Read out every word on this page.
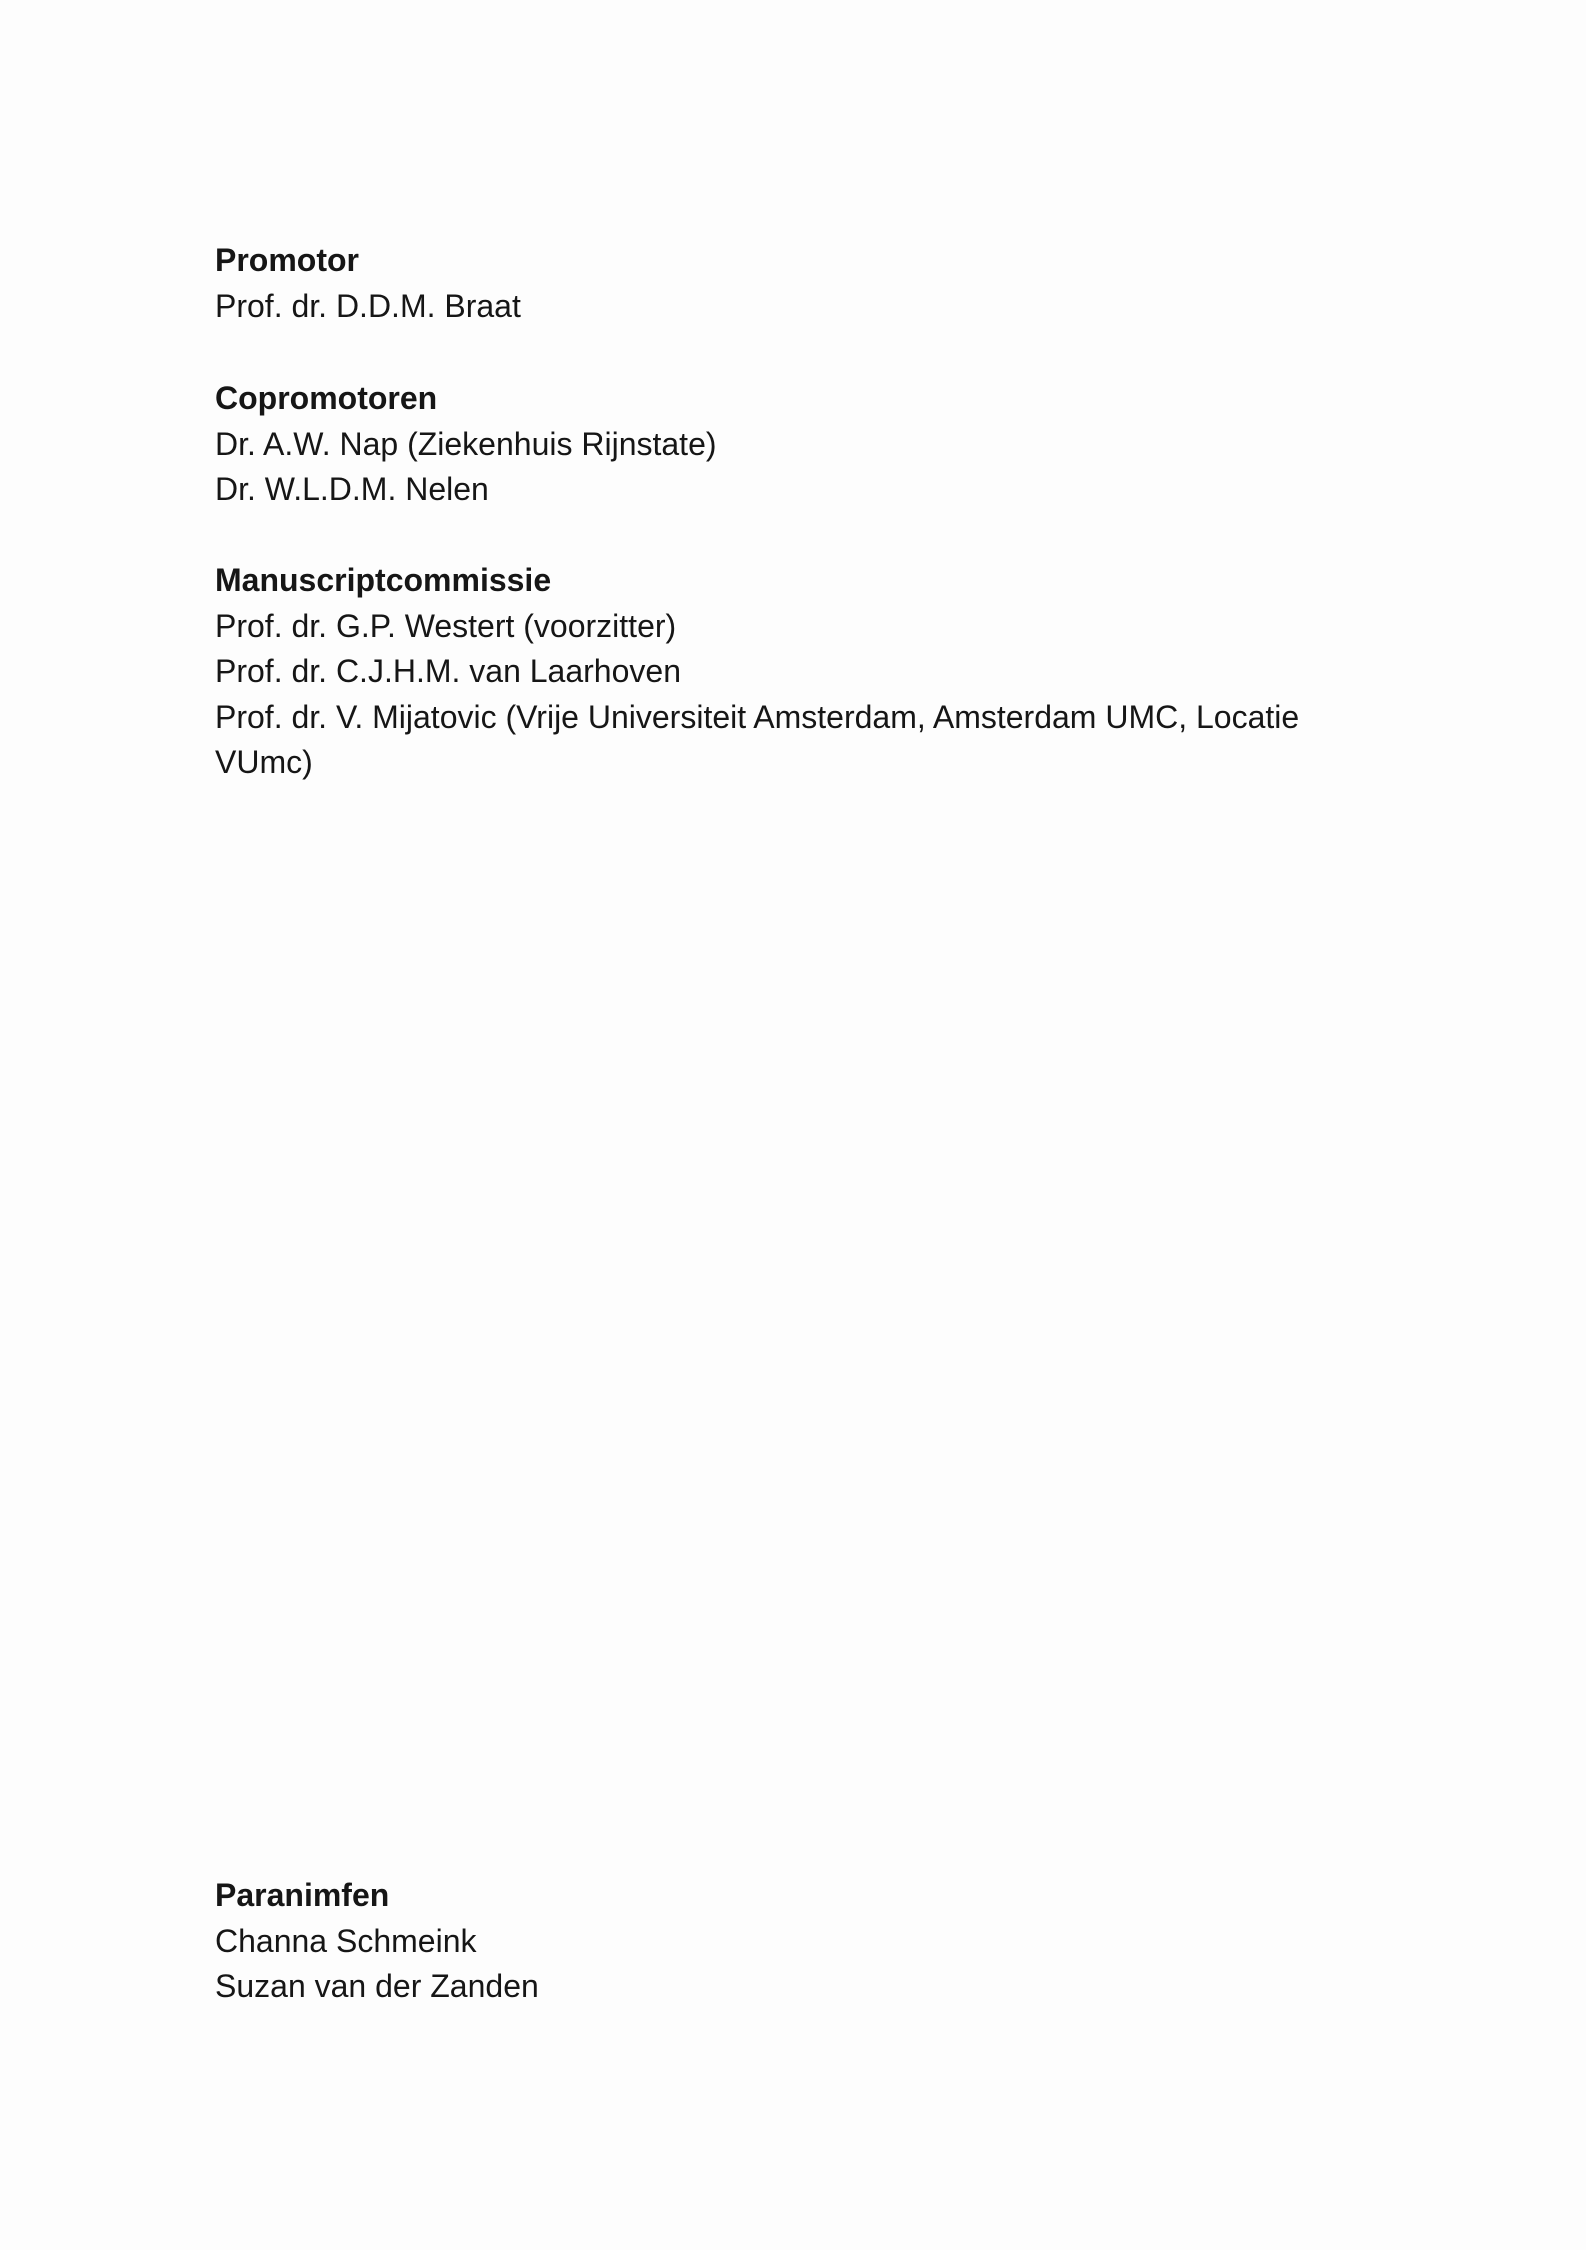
Promotor

Prof. dr. D.D.M. Braat

Copromotoren

Dr. A.W. Nap (Ziekenhuis Rijnstate)

Dr. W.L.D.M. Nelen

Manuscriptcommissie

Prof. dr. G.P. Westert (voorzitter)

Prof. dr. C.J.H.M. van Laarhoven

Prof. dr. V. Mijatovic (Vrije Universiteit Amsterdam, Amsterdam UMC, Locatie VUmc)

Paranimfen

Channa Schmeink

Suzan van der Zanden
